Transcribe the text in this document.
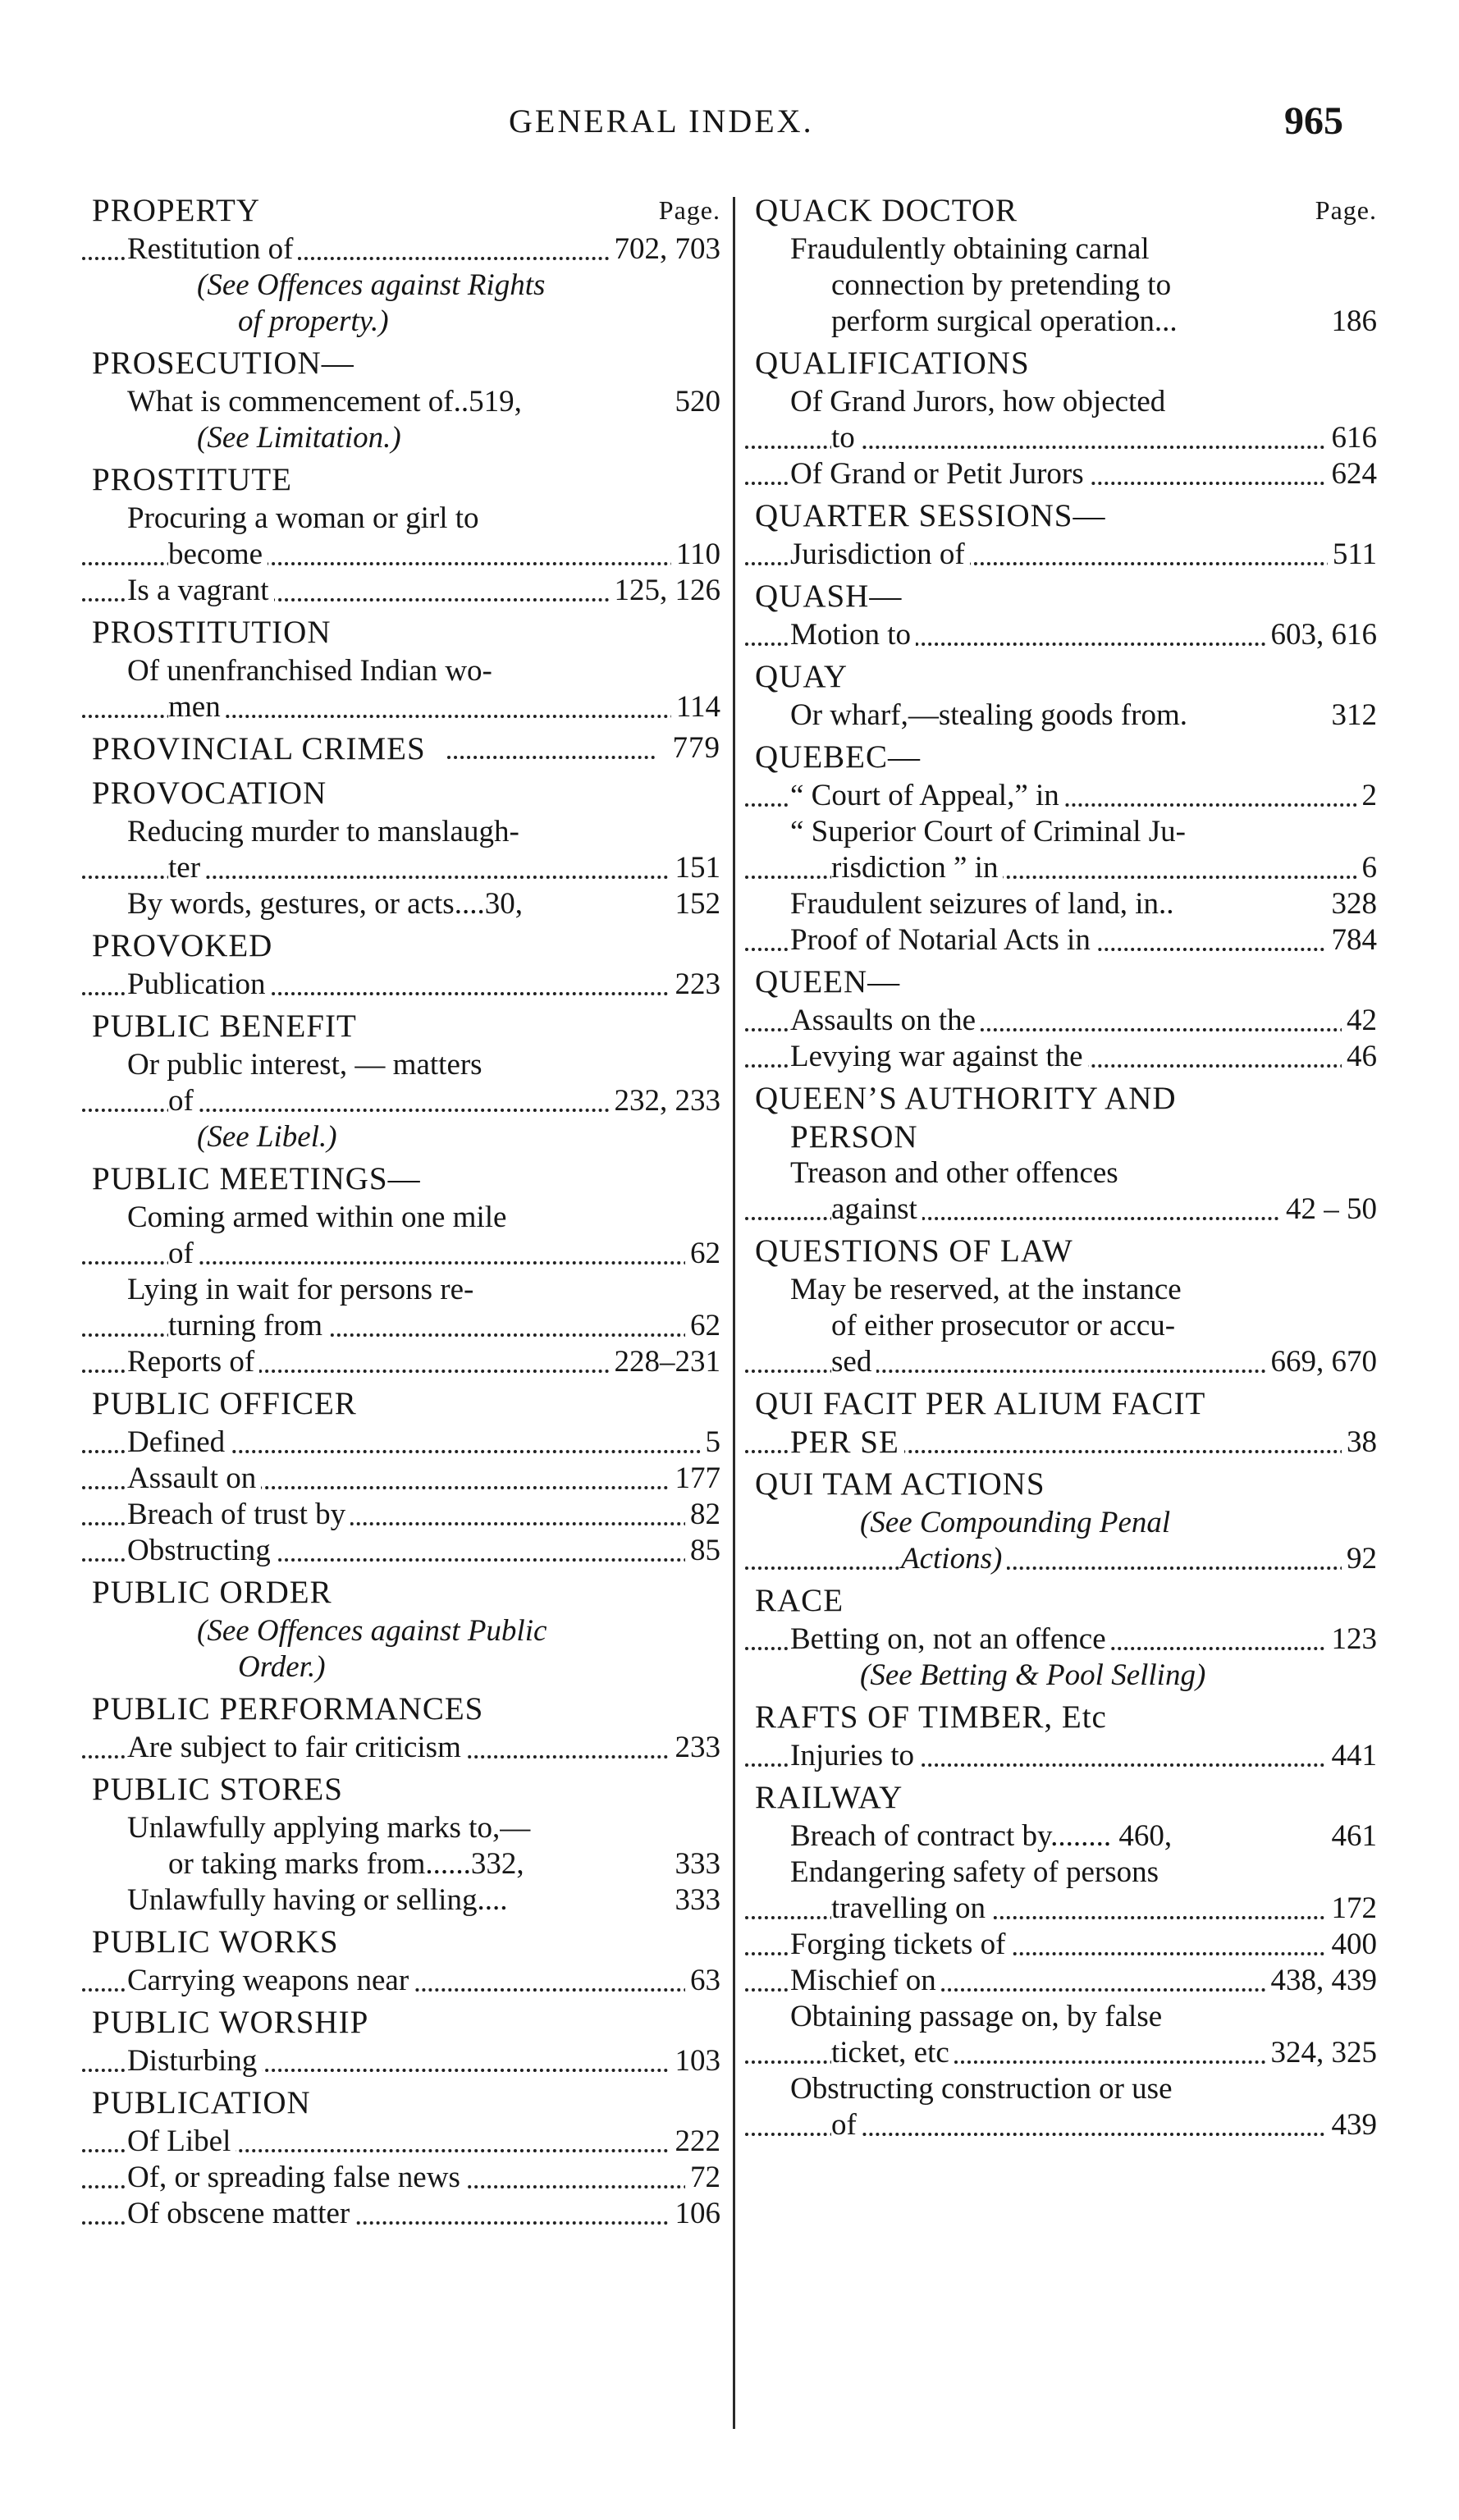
GENERAL INDEX.	965
PROPERTY	Page.
Restitution of	702, 703
(See Offences against Rights
of property.)
PROSECUTION—
What is commencement of..519,	520
(See Limitation.)
PROSTITUTE
Procuring a woman or girl to
become	110
Is a vagrant	125, 126
PROSTITUTION
Of unenfranchised Indian wo-
men	114
PROVINCIAL CRIMES	779
PROVOCATION
Reducing murder to manslaugh-
ter	151
By words, gestures, or acts....30,	152
PROVOKED
Publication	223
PUBLIC BENEFIT
Or public interest, — matters
of	232, 233
(See Libel.)
PUBLIC MEETINGS—
Coming armed within one mile
of	62
Lying in wait for persons re-
turning from	62
Reports of	228–231
PUBLIC OFFICER
Defined	5
Assault on	177
Breach of trust by	82
Obstructing	85
PUBLIC ORDER
(See Offences against Public
Order.)
PUBLIC PERFORMANCES
Are subject to fair criticism	233
PUBLIC STORES
Unlawfully applying marks to,—
or taking marks from......332,	333
Unlawfully having or selling....	333
PUBLIC WORKS
Carrying weapons near	63
PUBLIC WORSHIP
Disturbing	103
PUBLICATION
Of Libel	222
Of, or spreading false news	72
Of obscene matter	106
QUACK DOCTOR	Page.
Fraudulently obtaining carnal
connection by pretending to
perform surgical operation...	186
QUALIFICATIONS
Of Grand Jurors, how objected
to	616
Of Grand or Petit Jurors	624
QUARTER SESSIONS—
Jurisdiction of	511
QUASH—
Motion to	603, 616
QUAY
Or wharf,—stealing goods from.	312
QUEBEC—
“ Court of Appeal,” in	2
“ Superior Court of Criminal Ju-
risdiction ” in	6
Fraudulent seizures of land, in..	328
Proof of Notarial Acts in	784
QUEEN—
Assaults on the	42
Levying war against the	46
QUEEN’S AUTHORITY AND
PERSON
Treason and other offences
against	42 – 50
QUESTIONS OF LAW
May be reserved, at the instance
of either prosecutor or accu-
sed	669, 670
QUI FACIT PER ALIUM FACIT
PER SE	38
QUI TAM ACTIONS
(See Compounding Penal
Actions)	92
RACE
Betting on, not an offence	123
(See Betting & Pool Selling)
RAFTS OF TIMBER, Etc
Injuries to	441
RAILWAY
Breach of contract by........ 460,	461
Endangering safety of persons
travelling on	172
Forging tickets of	400
Mischief on	438, 439
Obtaining passage on, by false
ticket, etc	324, 325
Obstructing construction or use
of	439
